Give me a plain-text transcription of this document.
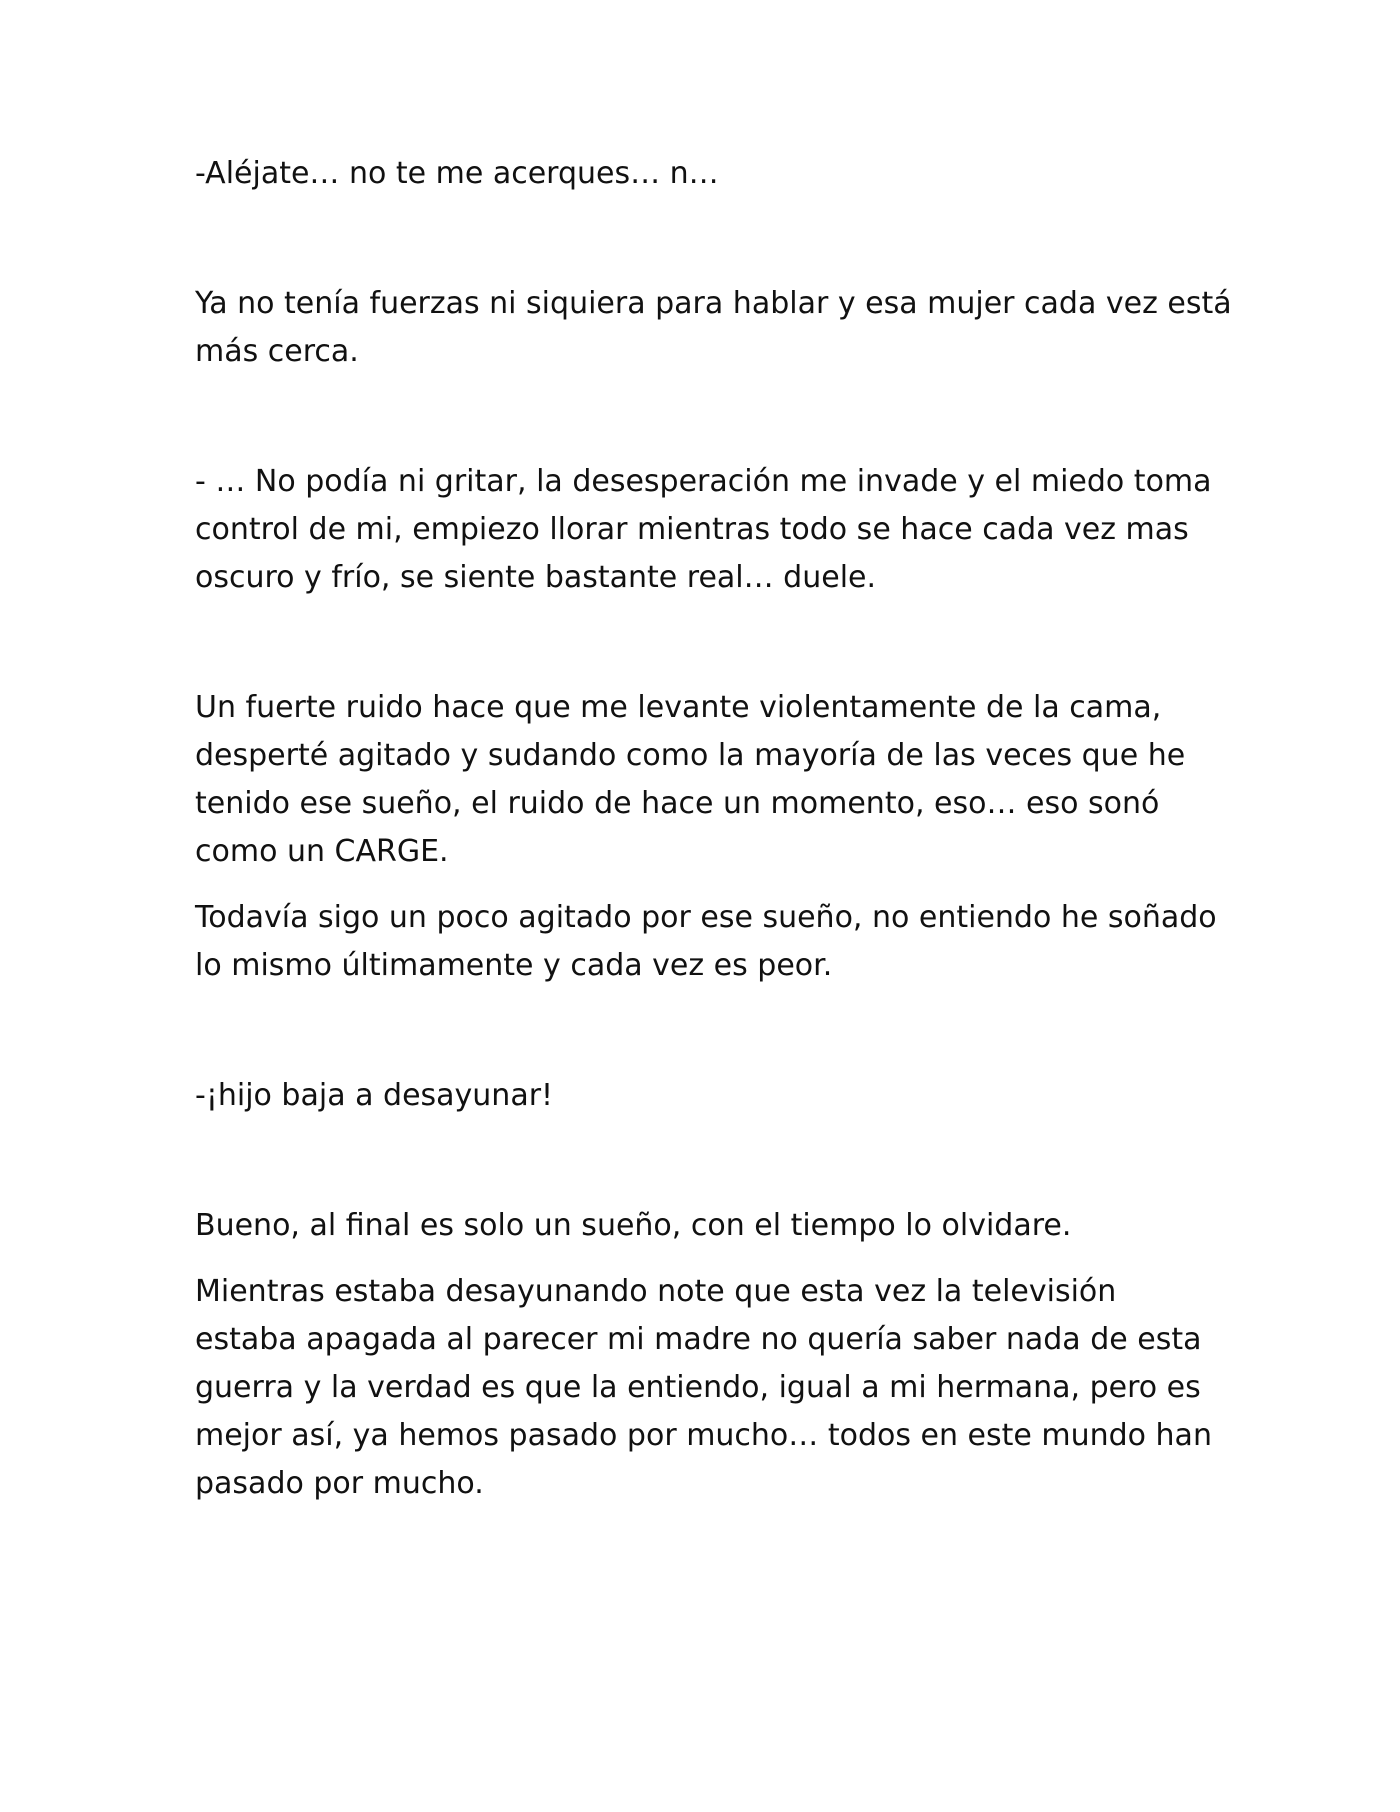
-Aléjate… no te me acerques… n…

Ya no tenía fuerzas ni siquiera para hablar y esa mujer cada vez está
más cerca.

- … No podía ni gritar, la desesperación me invade y el miedo toma
control de mi, empiezo llorar mientras todo se hace cada vez mas
oscuro y frío, se siente bastante real… duele.

Un fuerte ruido hace que me levante violentamente de la cama,
desperté agitado y sudando como la mayoría de las veces que he
tenido ese sueño, el ruido de hace un momento, eso… eso sonó
como un CARGE.

Todavía sigo un poco agitado por ese sueño, no entiendo he soñado
lo mismo últimamente y cada vez es peor.

-¡hijo baja a desayunar!

Bueno, al final es solo un sueño, con el tiempo lo olvidare.

Mientras estaba desayunando note que esta vez la televisión
estaba apagada al parecer mi madre no quería saber nada de esta
guerra y la verdad es que la entiendo, igual a mi hermana, pero es
mejor así, ya hemos pasado por mucho… todos en este mundo han
pasado por mucho.
